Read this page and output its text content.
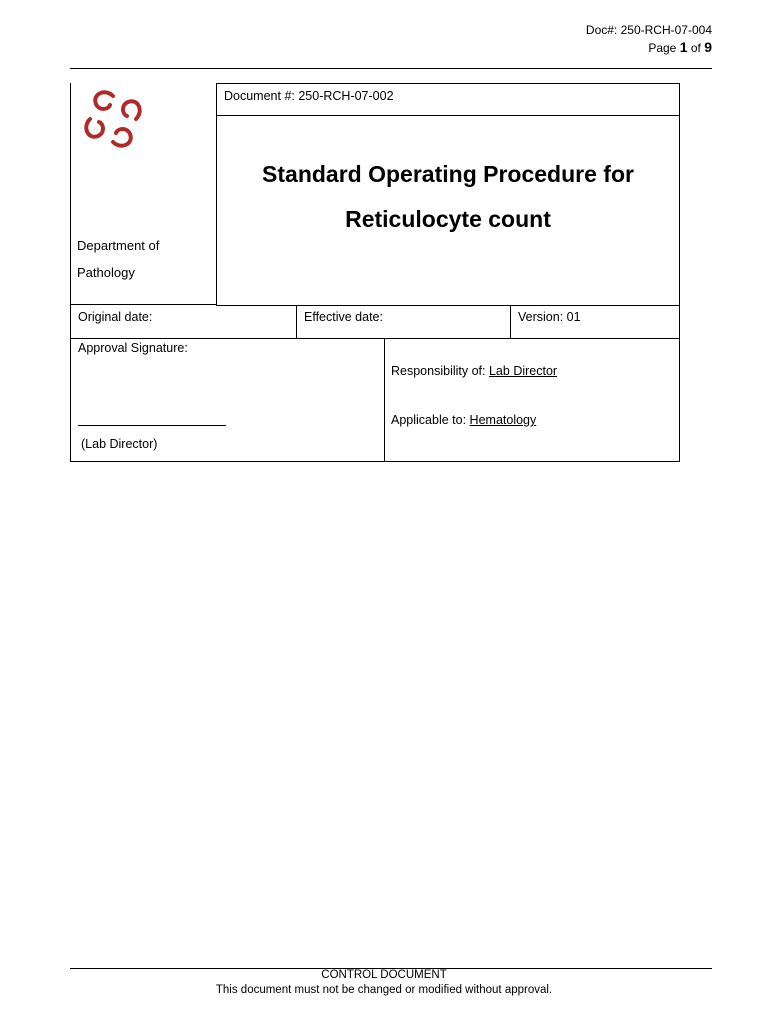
Doc#: 250-RCH-07-004
Page 1 of 9
Department of
Pathology
Document #: 250-RCH-07-002
Standard Operating Procedure for
Reticulocyte count
Original date:	Effective date:	Version: 01
Approval Signature:
(Lab Director)
Responsibility of: Lab Director
Applicable to: Hematology
CONTROL DOCUMENT
This document must not be changed or modified without approval.
